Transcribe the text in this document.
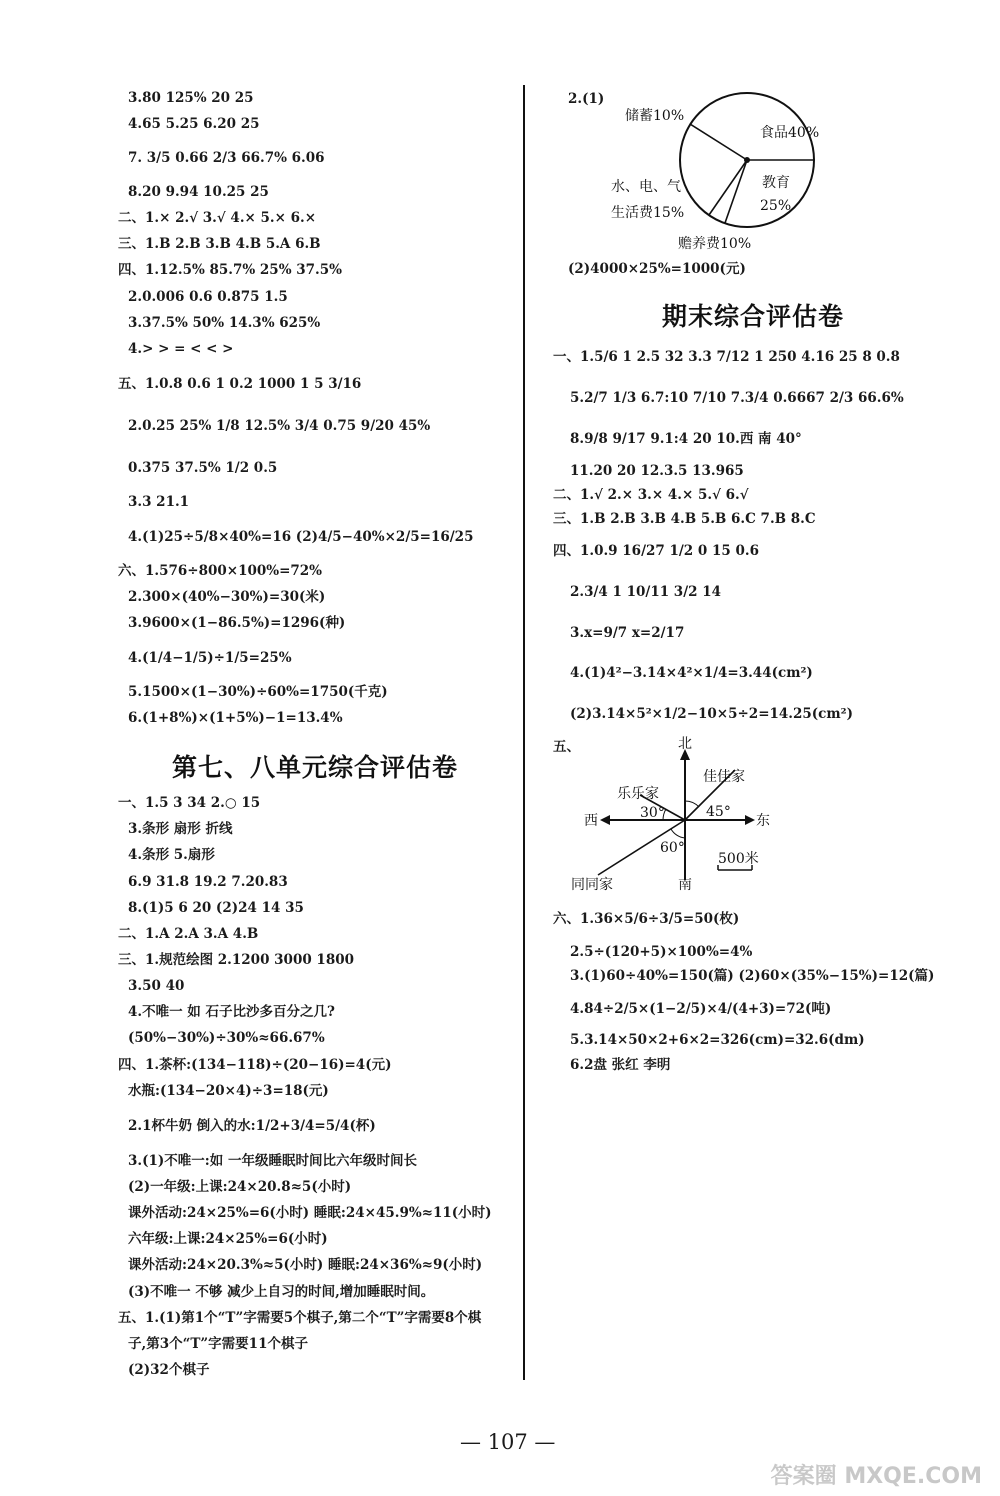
3.80 125% 20 25
4.65 5.25 6.20 25
7. 3/5 0.66 2/3 66.7% 6.06
8.20 9.94 10.25 25
二、1.× 2.√ 3.√ 4.× 5.× 6.×
三、1.B 2.B 3.B 4.B 5.A 6.B
四、1.12.5% 85.7% 25% 37.5%
2.0.006 0.6 0.875 1.5
3.37.5% 50% 14.3% 625%
4.> > = < < >
五、1.0.8 0.6 1 0.2 1000 1 5 3/16
2.0.25 25% 1/8 12.5% 3/4 0.75 9/20 45%
0.375 37.5% 1/2 0.5
3.3 21.1
4.(1)25÷5/8×40%=16 (2)4/5−40%×2/5=16/25
六、1.576÷800×100%=72%
2.300×(40%−30%)=30(米)
3.9600×(1−86.5%)=1296(种)
4.(1/4−1/5)÷1/5=25%
5.1500×(1−30%)÷60%=1750(千克)
6.(1+8%)×(1+5%)−1=13.4%
第七、八单元综合评估卷
一、1.5 3 34 2.○ 15
3.条形 扇形 折线
4.条形 5.扇形
6.9 31.8 19.2 7.20.83
8.(1)5 6 20 (2)24 14 35
二、1.A 2.A 3.A 4.B
三、1.规范绘图 2.1200 3000 1800
3.50 40
4.不唯一 如 石子比沙多百分之几?
(50%−30%)÷30%≈66.67%
四、1.茶杯:(134−118)÷(20−16)=4(元)
水瓶:(134−20×4)÷3=18(元)
2.1杯牛奶 倒入的水:1/2+3/4=5/4(杯)
3.(1)不唯一:如 一年级睡眠时间比六年级时间长
(2)一年级:上课:24×20.8≈5(小时)
课外活动:24×25%=6(小时) 睡眠:24×45.9%≈11(小时)
六年级:上课:24×25%=6(小时)
课外活动:24×20.3%≈5(小时) 睡眠:24×36%≈9(小时)
(3)不唯一 不够 减少上自习的时间,增加睡眠时间。
五、1.(1)第1个“T”字需要5个棋子,第二个“T”字需要8个棋
子,第3个“T”字需要11个棋子
(2)32个棋子
2.(1)
储蓄10%
食品40%
教育
25%
水、电、气
生活费15%
赡养费10%
北
南
西	东
乐乐家
佳佳家
同同家
30°	45°
60°
500米
(2)4000×25%=1000(元)
期末综合评估卷
一、1.5/6 1 2.5 32 3.3 7/12 1 250 4.16 25 8 0.8
5.2/7 1/3 6.7:10 7/10 7.3/4 0.6667 2/3 66.6%
8.9/8 9/17 9.1:4 20 10.西 南 40°
11.20 20 12.3.5 13.965
二、1.√ 2.× 3.× 4.× 5.√ 6.√
三、1.B 2.B 3.B 4.B 5.B 6.C 7.B 8.C
四、1.0.9 16/27 1/2 0 15 0.6
2.3/4 1 10/11 3/2 14
3.x=9/7 x=2/17
4.(1)4²−3.14×4²×1/4=3.44(cm²)
(2)3.14×5²×1/2−10×5÷2=14.25(cm²)
五、
六、1.36×5/6÷3/5=50(枚)
2.5÷(120+5)×100%=4%
3.(1)60÷40%=150(篇) (2)60×(35%−15%)=12(篇)
4.84÷2/5×(1−2/5)×4/(4+3)=72(吨)
5.3.14×50×2+6×2=326(cm)=32.6(dm)
6.2盘 张红 李明
— 107 —
答案圈 MXQE.COM
